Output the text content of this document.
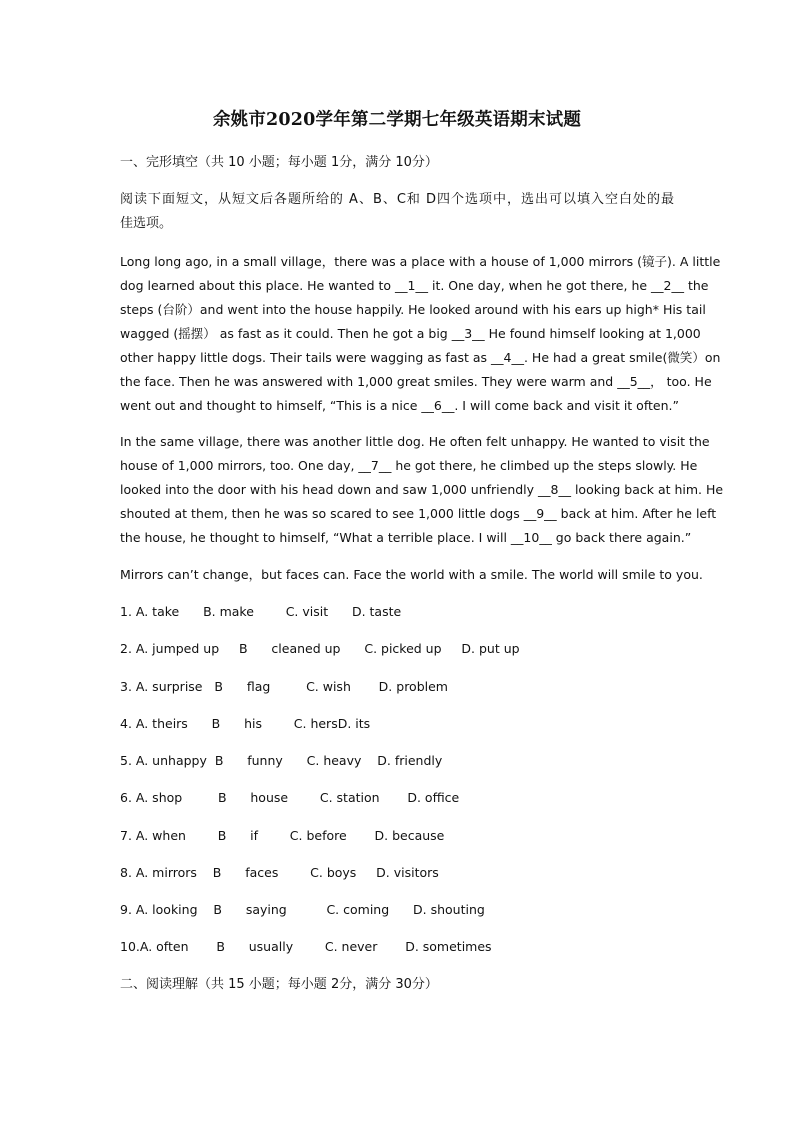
余姚市2020学年第二学期七年级英语期末试题
一、完形填空（共 10 小题；每小题 1分，满分 10分）
阅读下面短文，从短文后各题所给的 A、B、C和 D四个选项中，选出可以填入空白处的最
佳选项。
Long long ago, in a small village，there was a place with a house of 1,000 mirrors (镜子). A little
dog learned about this place. He wanted to __1__ it. One day, when he got there, he __2__ the
steps (台阶）and went into the house happily. He looked around with his ears up high* His tail
wagged (摇摆） as fast as it could. Then he got a big __3__ He found himself looking at 1,000
other happy little dogs. Their tails were wagging as fast as __4__. He had a great smile(微笑）on
the face. Then he was answered with 1,000 great smiles. They were warm and __5__， too. He
went out and thought to himself, “This is a nice __6__. I will come back and visit it often.”
In the same village, there was another little dog. He often felt unhappy. He wanted to visit the
house of 1,000 mirrors, too. One day, __7__ he got there, he climbed up the steps slowly. He
looked into the door with his head down and saw 1,000 unfriendly __8__ looking back at him. He
shouted at them, then he was so scared to see 1,000 little dogs __9__ back at him. After he left
the house, he thought to himself, “What a terrible place. I will __10__ go back there again.”
Mirrors can’t change，but faces can. Face the world with a smile. The world will smile to you.
1. A. take      B. make        C. visit      D. taste
2. A. jumped up     B      cleaned up      C. picked up     D. put up
3. A. surprise   B      flag         C. wish       D. problem
4. A. theirs      B      his        C. hersD. its
5. A. unhappy  B      funny      C. heavy    D. friendly
6. A. shop         B      house        C. station       D. office
7. A. when        B      if        C. before       D. because
8. A. mirrors    B      faces        C. boys     D. visitors
9. A. looking    B      saying          C. coming      D. shouting
10.A. often       B      usually        C. never       D. sometimes
二、阅读理解（共 15 小题；每小题 2分，满分 30分）
